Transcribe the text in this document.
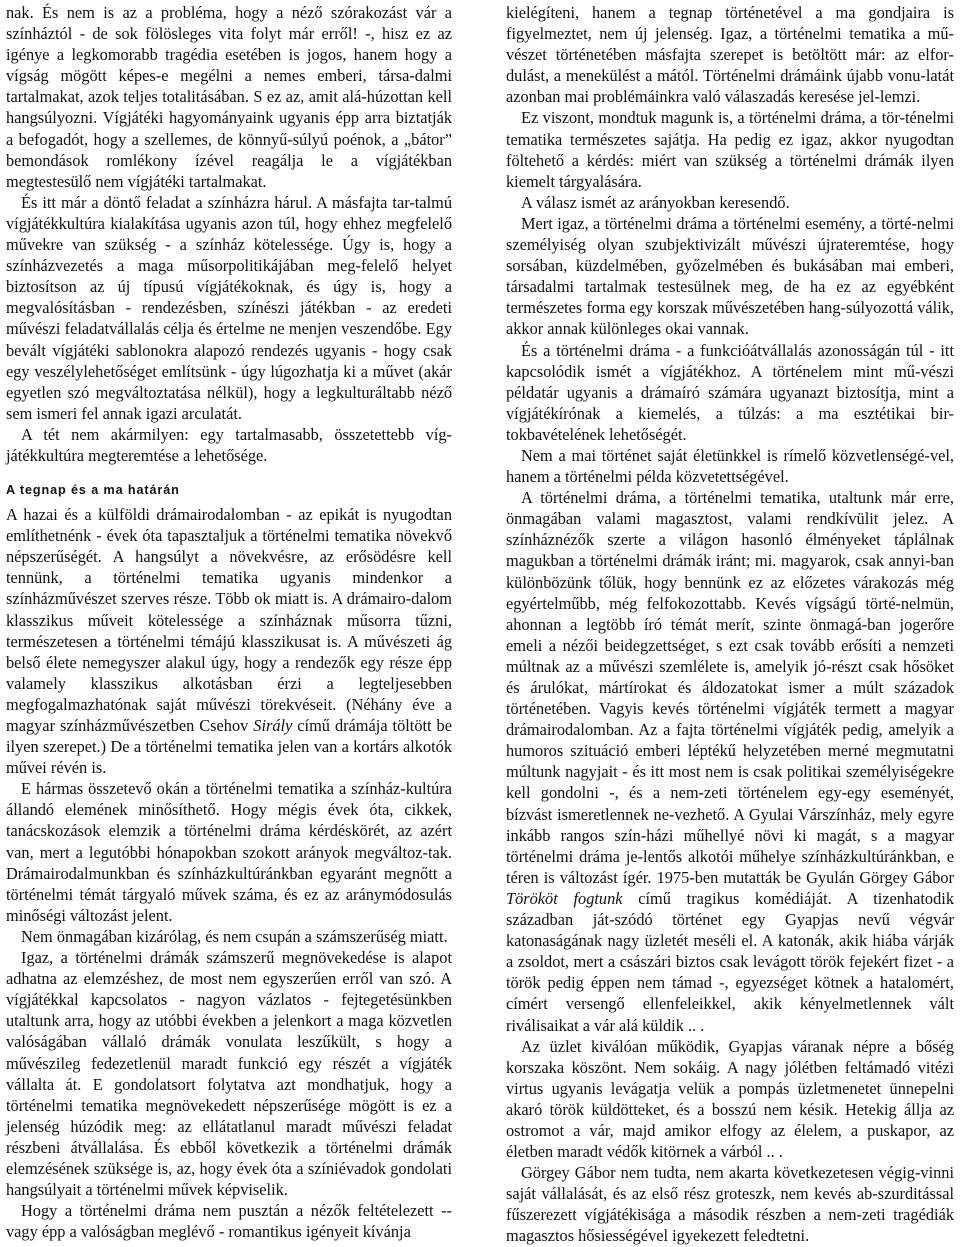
nak. És nem is az a probléma, hogy a néző szórakozást vár a színháztól - de sok fölösleges vita folyt már erről! -, hisz ez az igénye a legkomorabb tragédia esetében is jogos, hanem hogy a vígság mögött képes-e megélni a nemes emberi, társa-dalmi tartalmakat, azok teljes totalitásában. S ez az, amit alá-húzottan kell hangsúlyozni. Vígjátéki hagyományaink ugyanis épp arra biztatják a befogadót, hogy a szellemes, de könnyű-súlyú poénok, a „bátor” bemondások romlékony ízével reagálja le a vígjátékban megtestesülő nem vígjátéki tartalmakat.

És itt már a döntő feladat a színházra hárul. A másfajta tar-talmú vígjátékkultúra kialakítása ugyanis azon túl, hogy ehhez megfelelő művekre van szükség - a színház kötelessége. Úgy is, hogy a színházvezetés a maga műsorpolitikájában meg-felelő helyet biztosítson az új típusú vígjátékoknak, és úgy is, hogy a megvalósításban - rendezésben, színészi játékban - az eredeti művészi feladatvállalás célja és értelme ne menjen veszendőbe. Egy bevált vígjátéki sablonokra alapozó rendezés ugyanis - hogy csak egy veszélylehetőséget említsünk - úgy lúgozhatja ki a művet (akár egyetlen szó megváltoztatása nélkül), hogy a legkulturáltabb néző sem ismeri fel annak igazi arculatát.

A tét nem akármilyen: egy tartalmasabb, összetettebb víg-játékkultúra megteremtése a lehetősége.

A tegnap és a ma határán

A hazai és a külföldi drámairodalomban - az epikát is nyugodtan említhetnénk - évek óta tapasztaljuk a történelmi tematika növekvő népszerűségét. A hangsúlyt a növekvésre, az erősödésre kell tennünk, a történelmi tematika ugyanis mindenkor a színházművészet szerves része. Több ok miatt is. A drámairo-dalom klasszikus műveit kötelessége a színháznak műsorra tűzni, természetesen a történelmi témájú klasszikusat is. A művészeti ág belső élete nemegyszer alakul úgy, hogy a rendezők egy része épp valamely klasszikus alkotásban érzi a legteljesebben megfogalmazhatónak saját művészi törekvéseit. (Néhány éve a magyar színházművészetben Csehov Sirály című drámája töltött be ilyen szerepet.) De a történelmi tematika jelen van a kortárs alkotók művei révén is.

E hármas összetevő okán a történelmi tematika a színház-kultúra állandó elemének minősíthető. Hogy mégis évek óta, cikkek, tanácskozások elemzik a történelmi dráma kérdéskörét, az azért van, mert a legutóbbi hónapokban szokott arányok megváltoz-tak. Drámairodalmunkban és színházkultúránkban egyaránt megnőtt a történelmi témát tárgyaló művek száma, és ez az aránymódosulás minőségi változást jelent.

Nem önmagában kizárólag, és nem csupán a számszerűség miatt.

Igaz, a történelmi drámák számszerű megnövekedése is alapot adhatna az elemzéshez, de most nem egyszerűen erről van szó. A vígjátékkal kapcsolatos - nagyon vázlatos - fejtegetésünkben utaltunk arra, hogy az utóbbi években a jelenkort a maga közvetlen valóságában vállaló drámák vonulata leszűkült, s hogy a művészileg fedezetlenül maradt funkció egy részét a vígjáték vállalta át. E gondolatsort folytatva azt mondhatjuk, hogy a történelmi tematika megnövekedett népszerűsége mögött is ez a jelenség húzódik meg: az ellátatlanul maradt művészi feladat részbeni átvállalása. És ebből következik a történelmi drámák elemzésének szüksége is, az, hogy évek óta a színiévadok gondolati hangsúlyait a történelmi művek képviselik.

Hogy a történelmi dráma nem pusztán a nézők feltételezett -- vagy épp a valóságban meglévő - romantikus igényeit kívánja

kielégíteni, hanem a tegnap történetével a ma gondjaira is figyelmeztet, nem új jelenség. Igaz, a történelmi tematika a mű-vészet történetében másfajta szerepet is betöltött már: az elfor-dulást, a menekülést a mától. Történelmi drámáink újabb vonu-latát azonban mai problémáinkra való válaszadás keresése jel-lemzi.

Ez viszont, mondtuk magunk is, a történelmi dráma, a tör-ténelmi tematika természetes sajátja. Ha pedig ez igaz, akkor nyugodtan föltehető a kérdés: miért van szükség a történelmi drámák ilyen kiemelt tárgyalására.

A válasz ismét az arányokban keresendő.

Mert igaz, a történelmi dráma a történelmi esemény, a törté-nelmi személyiség olyan szubjektivizált művészi újrateremtése, hogy sorsában, küzdelmében, győzelmében és bukásában mai emberi, társadalmi tartalmak testesülnek meg, de ha ez az egyébként természetes forma egy korszak művészetében hang-súlyozottá válik, akkor annak különleges okai vannak.

És a történelmi dráma - a funkcióátvállalás azonosságán túl - itt kapcsolódik ismét a vígjátékhoz. A történelem mint mű-vészi példatár ugyanis a drámaíró számára ugyanazt biztosítja, mint a vígjátékírónak a kiemelés, a túlzás: a ma esztétikai bir-tokbavételének lehetőségét.

Nem a mai történet saját életünkkel is rímelő közvetlenségé-vel, hanem a történelmi példa közvetettségével.

A történelmi dráma, a történelmi tematika, utaltunk már erre, önmagában valami magasztost, valami rendkívülit jelez. A színháznézők szerte a világon hasonló élményeket táplálnak magukban a történelmi drámák iránt; mi. magyarok, csak annyi-ban különbözünk tőlük, hogy bennünk ez az előzetes várakozás még egyértelműbb, még felfokozottabb. Kevés vígságú törté-nelmün, ahonnan a legtöbb író témát merít, szinte önmagá-ban jogerőre emeli a nézői beidegzettséget, s ezt csak tovább erősíti a nemzeti múltnak az a művészi szemlélete is, amelyik jó-részt csak hősöket és árulókat, mártírokat és áldozatokat ismer a múlt századok történetében. Vagyis kevés történelmi vígjáték termett a magyar drámairodalomban. Az a fajta történelmi vígjáték pedig, amelyik a humoros szituáció emberi léptékű helyzetében merné megmutatni múltunk nagyjait - és itt most nem is csak politikai személyiségekre kell gondolni -, és a nem-zeti történelem egy-egy eseményét, bízvást ismeretlennek ne-vezhető. A Gyulai Várszínház, mely egyre inkább rangos szín-házi műhellyé növi ki magát, s a magyar történelmi dráma je-lentős alkotói műhelye színházkultúránkban, e téren is változást ígér. 1975-ben mutatták be Gyulán Görgey Gábor Törököt fogtunk című tragikus komédiáját. A tizenhatodik században ját-szódó történet egy Gyapjas nevű végvár katonaságának nagy üzletét meséli el. A katonák, akik hiába várják a zsoldot, mert a császári biztos csak levágott török fejekért fizet - a török pedig éppen nem támad -, egyezséget kötnek a hatalomért, címért versengő ellenfeleikkel, akik kényelmetlennek vált riválisaikat a vár alá küldik .. .

Az üzlet kiválóan működik, Gyapjas váranak népre a bőség korszaka köszönt. Nem sokáig. A nagy jólétben feltámadó vitézi virtus ugyanis levágatja velük a pompás üzletmenetet ünnepelni akaró török küldötteket, és a bosszú nem késik. Hetekig állja az ostromot a vár, majd amikor elfogy az élelem, a puskapor, az életben maradt védők kitörnek a várból .. .

Görgey Gábor nem tudta, nem akarta következetesen végig-vinni saját vállalását, és az első rész groteszk, nem kevés ab-szurditással fűszerezett vígjátékisága a második részben a nem-zeti tragédiák magasztos hősiességével igyekezett feledtetni.
